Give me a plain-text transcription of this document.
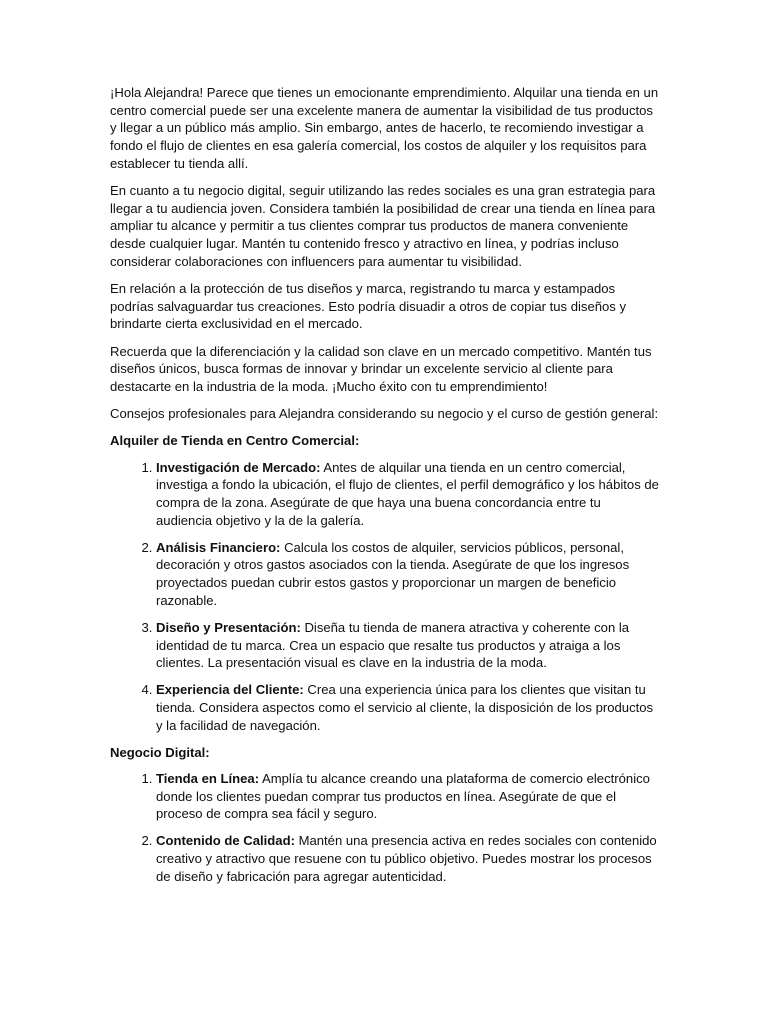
¡Hola Alejandra! Parece que tienes un emocionante emprendimiento. Alquilar una tienda en un centro comercial puede ser una excelente manera de aumentar la visibilidad de tus productos y llegar a un público más amplio. Sin embargo, antes de hacerlo, te recomiendo investigar a fondo el flujo de clientes en esa galería comercial, los costos de alquiler y los requisitos para establecer tu tienda allí.

En cuanto a tu negocio digital, seguir utilizando las redes sociales es una gran estrategia para llegar a tu audiencia joven. Considera también la posibilidad de crear una tienda en línea para ampliar tu alcance y permitir a tus clientes comprar tus productos de manera conveniente desde cualquier lugar. Mantén tu contenido fresco y atractivo en línea, y podrías incluso considerar colaboraciones con influencers para aumentar tu visibilidad.

En relación a la protección de tus diseños y marca, registrando tu marca y estampados podrías salvaguardar tus creaciones. Esto podría disuadir a otros de copiar tus diseños y brindarte cierta exclusividad en el mercado.

Recuerda que la diferenciación y la calidad son clave en un mercado competitivo. Mantén tus diseños únicos, busca formas de innovar y brindar un excelente servicio al cliente para destacarte en la industria de la moda. ¡Mucho éxito con tu emprendimiento!

Consejos profesionales para Alejandra considerando su negocio y el curso de gestión general:

Alquiler de Tienda en Centro Comercial:

1. Investigación de Mercado: Antes de alquilar una tienda en un centro comercial, investiga a fondo la ubicación, el flujo de clientes, el perfil demográfico y los hábitos de compra de la zona. Asegúrate de que haya una buena concordancia entre tu audiencia objetivo y la de la galería.
2. Análisis Financiero: Calcula los costos de alquiler, servicios públicos, personal, decoración y otros gastos asociados con la tienda. Asegúrate de que los ingresos proyectados puedan cubrir estos gastos y proporcionar un margen de beneficio razonable.
3. Diseño y Presentación: Diseña tu tienda de manera atractiva y coherente con la identidad de tu marca. Crea un espacio que resalte tus productos y atraiga a los clientes. La presentación visual es clave en la industria de la moda.
4. Experiencia del Cliente: Crea una experiencia única para los clientes que visitan tu tienda. Considera aspectos como el servicio al cliente, la disposición de los productos y la facilidad de navegación.

Negocio Digital:

1. Tienda en Línea: Amplía tu alcance creando una plataforma de comercio electrónico donde los clientes puedan comprar tus productos en línea. Asegúrate de que el proceso de compra sea fácil y seguro.
2. Contenido de Calidad: Mantén una presencia activa en redes sociales con contenido creativo y atractivo que resuene con tu público objetivo. Puedes mostrar los procesos de diseño y fabricación para agregar autenticidad.
